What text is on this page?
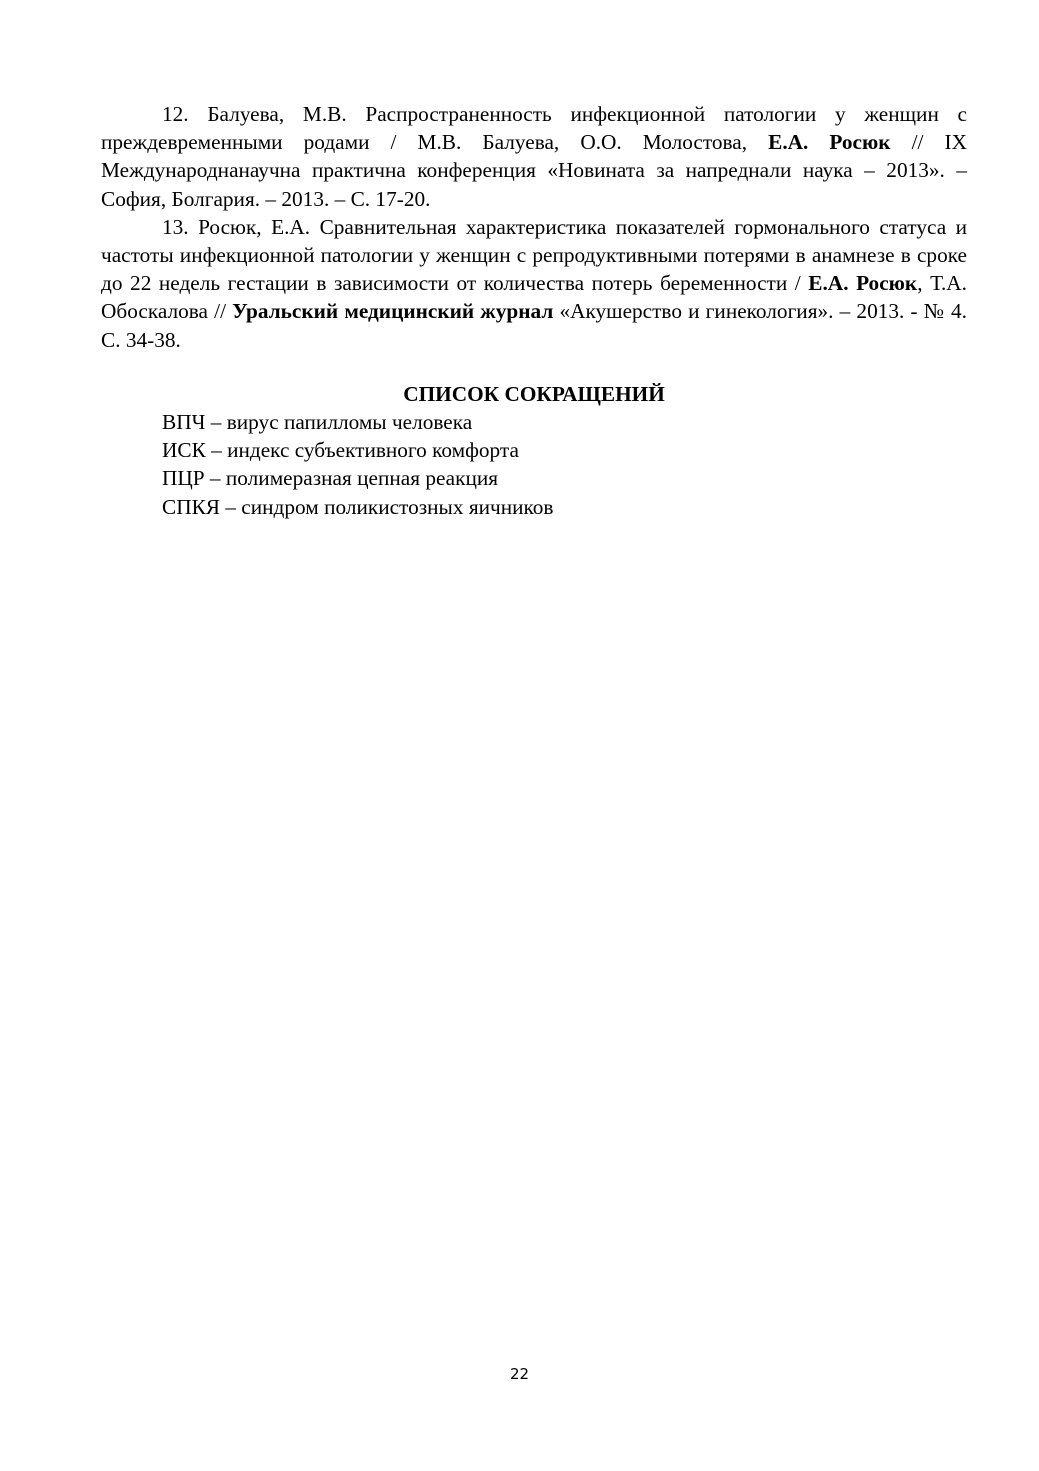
12. Балуева, М.В. Распространенность инфекционной патологии у женщин с преждевременными родами / М.В. Балуева, О.О. Молостова, Е.А. Росюк // IX Международнанаучна практична конференция «Новината за напреднали наука – 2013». – София, Болгария. – 2013. – С. 17-20.

13. Росюк, Е.А. Сравнительная характеристика показателей гормонального статуса и частоты инфекционной патологии у женщин с репродуктивными потерями в анамнезе в сроке до 22 недель гестации в зависимости от количества потерь беременности / Е.А. Росюк, Т.А. Обоскалова // Уральский медицинский журнал «Акушерство и гинекология». – 2013. - № 4. С. 34-38.

СПИСОК СОКРАЩЕНИЙ
ВПЧ – вирус папилломы человека
ИСК – индекс субъективного комфорта
ПЦР – полимеразная цепная реакция
СПКЯ – синдром поликистозных яичников
22
